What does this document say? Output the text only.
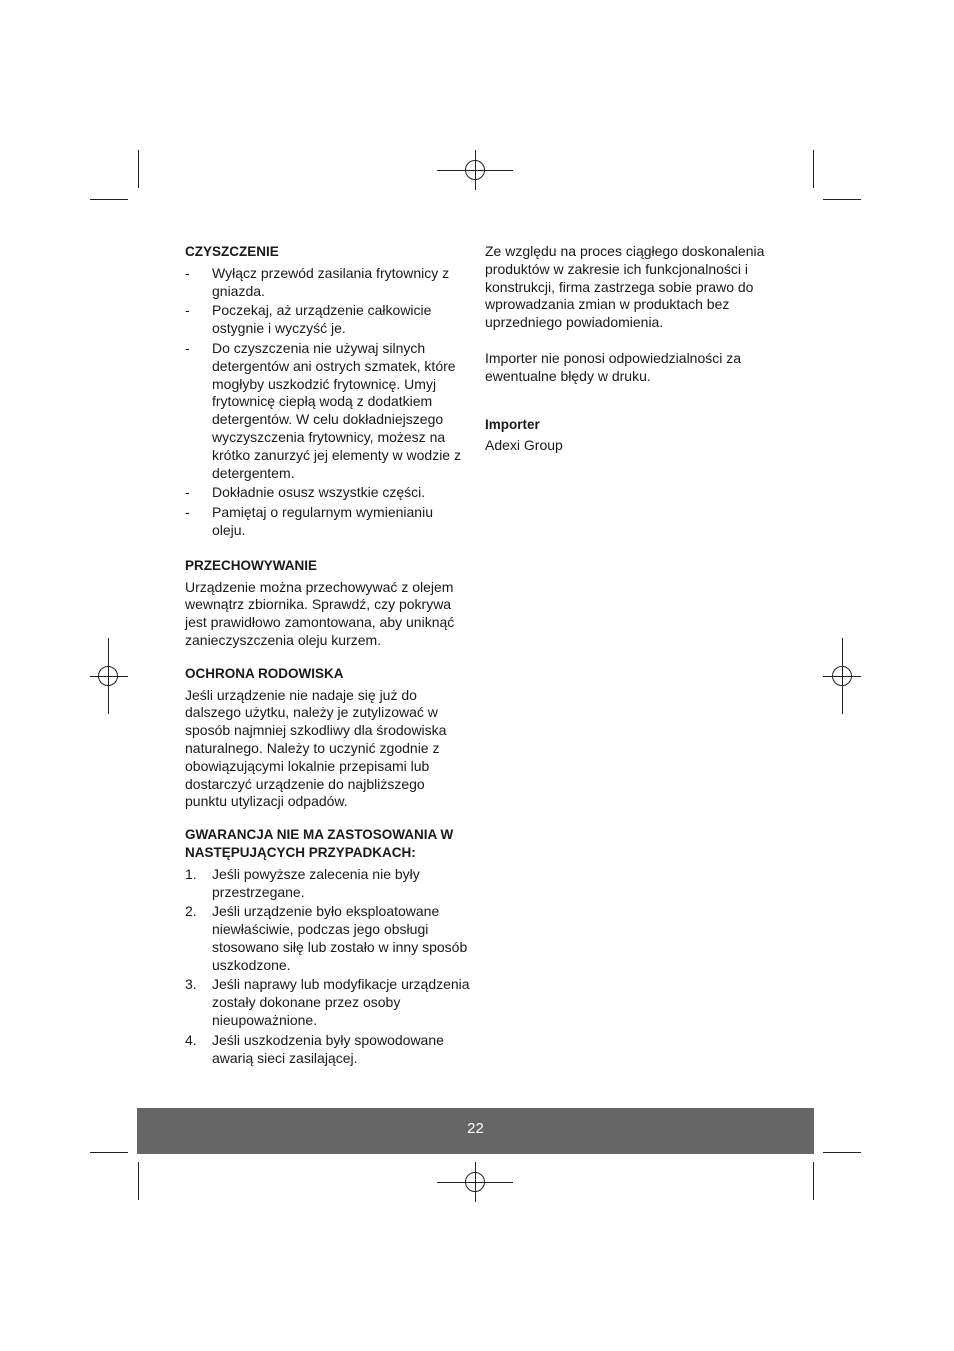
CZYSZCZENIE
- Wyłącz przewód zasilania frytownicy z gniazda.
- Poczekaj, aż urządzenie całkowicie ostygnie i wyczyść je.
- Do czyszczenia nie używaj silnych detergentów ani ostrych szmatek, które mogłyby uszkodzić frytownicę. Umyj frytownicę ciepłą wodą z dodatkiem detergentów. W celu dokładniejszego wyczyszczenia frytownicy, możesz na krótko zanurzyć jej elementy w wodzie z detergentem.
- Dokładnie osusz wszystkie części.
- Pamiętaj o regularnym wymienianiu oleju.
PRZECHOWYWANIE

Urządzenie można przechowywać z olejem wewnątrz zbiornika. Sprawdź, czy pokrywa jest prawidłowo zamontowana, aby uniknąć zanieczyszczenia oleju kurzem.

OCHRONA RODOWISKA

Jeśli urządzenie nie nadaje się już do dalszego użytku, należy je zutylizować w sposób najmniej szkodliwy dla środowiska naturalnego. Należy to uczynić zgodnie z obowiązującymi lokalnie przepisami lub dostarczyć urządzenie do najbliższego punktu utylizacji odpadów.

GWARANCJA NIE MA ZASTOSOWANIA W NASTĘPUJĄCYCH PRZYPADKACH:
1. Jeśli powyższe zalecenia nie były przestrzegane.
2. Jeśli urządzenie było eksploatowane niewłaściwie, podczas jego obsługi stosowano siłę lub zostało w inny sposób uszkodzone.
3. Jeśli naprawy lub modyfikacje urządzenia zostały dokonane przez osoby nieupoważnione.
4. Jeśli uszkodzenia były spowodowane awarią sieci zasilającej.

Ze względu na proces ciągłego doskonalenia produktów w zakresie ich funkcjonalności i konstrukcji, firma zastrzega sobie prawo do wprowadzania zmian w produktach bez uprzedniego powiadomienia.

Importer nie ponosi odpowiedzialności za ewentualne błędy w druku.

Importer

Adexi Group

22
